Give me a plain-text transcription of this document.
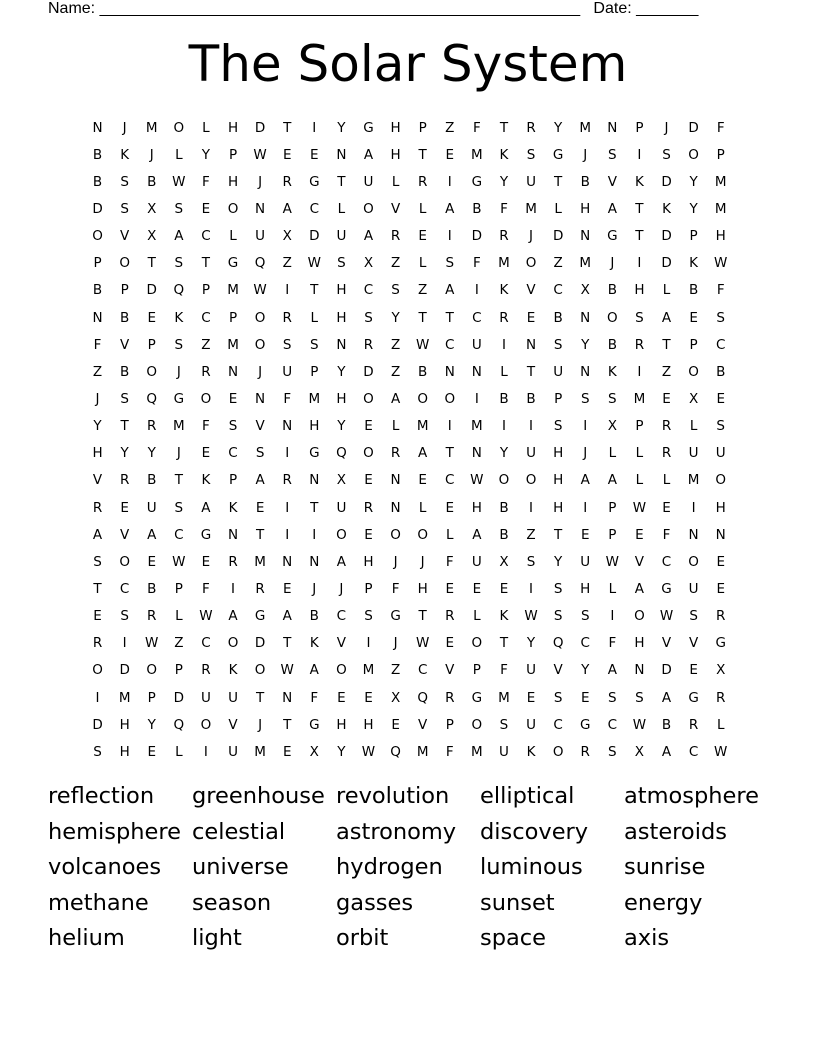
Name: ______________________________________________________   Date: _______
The Solar System
N	J	M	O	L	H	D	T	I	Y	G	H	P	Z	F	T	R	Y	M	N	P	J	D	F
B	K	J	L	Y	P	W	E	E	N	A	H	T	E	M	K	S	G	J	S	I	S	O	P
B	S	B	W	F	H	J	R	G	T	U	L	R	I	G	Y	U	T	B	V	K	D	Y	M
D	S	X	S	E	O	N	A	C	L	O	V	L	A	B	F	M	L	H	A	T	K	Y	M
O	V	X	A	C	L	U	X	D	U	A	R	E	I	D	R	J	D	N	G	T	D	P	H
P	O	T	S	T	G	Q	Z	W	S	X	Z	L	S	F	M	O	Z	M	J	I	D	K	W
B	P	D	Q	P	M	W	I	T	H	C	S	Z	A	I	K	V	C	X	B	H	L	B	F
N	B	E	K	C	P	O	R	L	H	S	Y	T	T	C	R	E	B	N	O	S	A	E	S
F	V	P	S	Z	M	O	S	S	N	R	Z	W	C	U	I	N	S	Y	B	R	T	P	C
Z	B	O	J	R	N	J	U	P	Y	D	Z	B	N	N	L	T	U	N	K	I	Z	O	B
J	S	Q	G	O	E	N	F	M	H	O	A	O	O	I	B	B	P	S	S	M	E	X	E
Y	T	R	M	F	S	V	N	H	Y	E	L	M	I	M	I	I	S	I	X	P	R	L	S
H	Y	Y	J	E	C	S	I	G	Q	O	R	A	T	N	Y	U	H	J	L	L	R	U	U
V	R	B	T	K	P	A	R	N	X	E	N	E	C	W	O	O	H	A	A	L	L	M	O
R	E	U	S	A	K	E	I	T	U	R	N	L	E	H	B	I	H	I	P	W	E	I	H
A	V	A	C	G	N	T	I	I	O	E	O	O	L	A	B	Z	T	E	P	E	F	N	N
S	O	E	W	E	R	M	N	N	A	H	J	J	F	U	X	S	Y	U	W	V	C	O	E
T	C	B	P	F	I	R	E	J	J	P	F	H	E	E	E	I	S	H	L	A	G	U	E
E	S	R	L	W	A	G	A	B	C	S	G	T	R	L	K	W	S	S	I	O	W	S	R
R	I	W	Z	C	O	D	T	K	V	I	J	W	E	O	T	Y	Q	C	F	H	V	V	G
O	D	O	P	R	K	O	W	A	O	M	Z	C	V	P	F	U	V	Y	A	N	D	E	X
I	M	P	D	U	U	T	N	F	E	E	X	Q	R	G	M	E	S	E	S	S	A	G	R
D	H	Y	Q	O	V	J	T	G	H	H	E	V	P	O	S	U	C	G	C	W	B	R	L
S	H	E	L	I	U	M	E	X	Y	W	Q	M	F	M	U	K	O	R	S	X	A	C	W
reflection	greenhouse revolution	elliptical	atmosphere
hemisphere celestial	astronomy	discovery	asteroids
volcanoes	universe	hydrogen	luminous	sunrise
methane	season	gasses	sunset	energy
helium	light	orbit	space	axis
